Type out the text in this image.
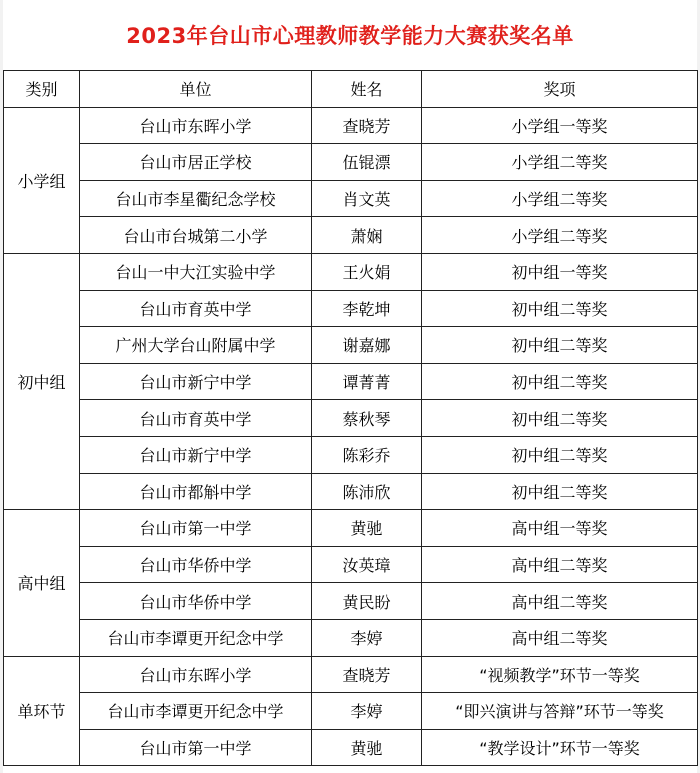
2023年台山市心理教师教学能力大赛获奖名单
类别	单位	姓名	奖项
小学组	台山市东晖小学	查晓芳	小学组一等奖
	台山市居正学校	伍锟漂	小学组二等奖
	台山市李星衢纪念学校	肖文英	小学组二等奖
	台山市台城第二小学	萧娴	小学组二等奖
初中组	台山一中大江实验中学	王火娟	初中组一等奖
	台山市育英中学	李乾坤	初中组二等奖
	广州大学台山附属中学	谢嘉娜	初中组二等奖
	台山市新宁中学	谭菁菁	初中组二等奖
	台山市育英中学	蔡秋琴	初中组二等奖
	台山市新宁中学	陈彩乔	初中组二等奖
	台山市都斛中学	陈沛欣	初中组二等奖
高中组	台山市第一中学	黄驰	高中组一等奖
	台山市华侨中学	汝英璋	高中组二等奖
	台山市华侨中学	黄民盼	高中组二等奖
	台山市李谭更开纪念中学	李婷	高中组二等奖
单环节	台山市东晖小学	查晓芳	“视频教学”环节一等奖
	台山市李谭更开纪念中学	李婷	“即兴演讲与答辩”环节一等奖
	台山市第一中学	黄驰	“教学设计”环节一等奖
